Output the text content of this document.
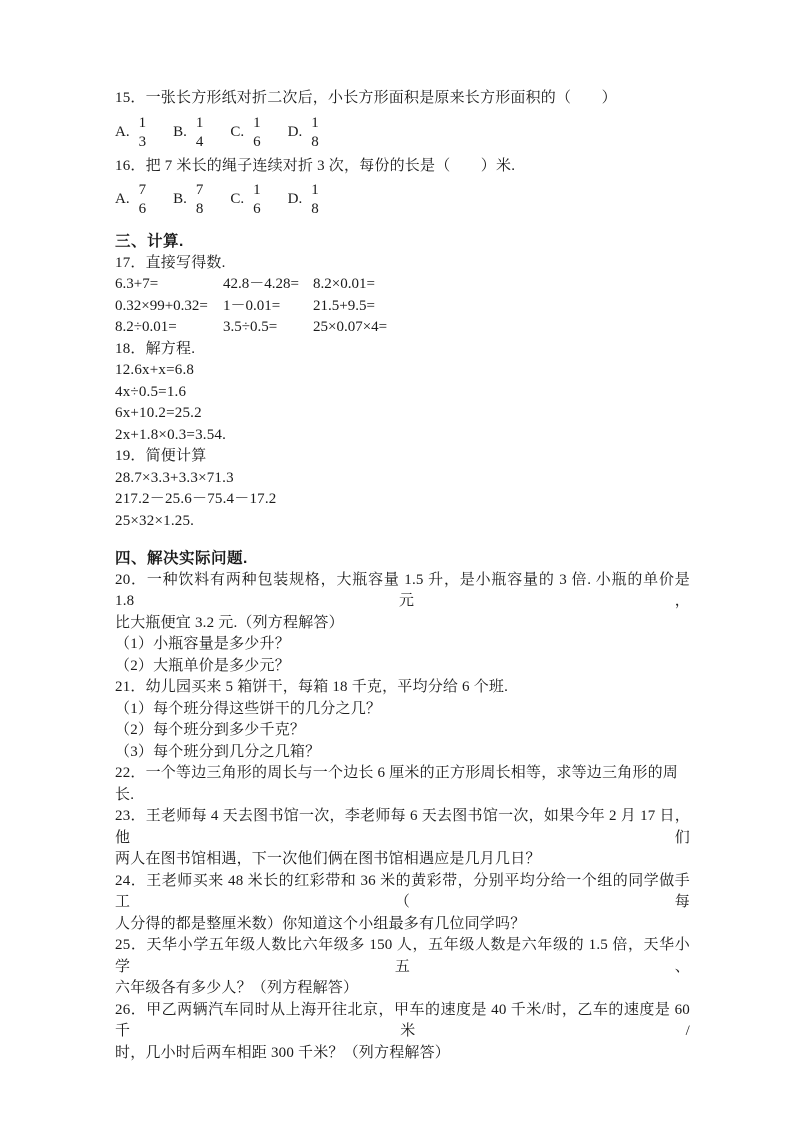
15．一张长方形纸对折二次后，小长方形面积是原来长方形面积的（　　）
A.
1
3
B.
1
4
C.
1
6
D.
1
8
16．把 7 米长的绳子连续对折 3 次，每份的长是（　　）米.
A.
7
6
B.
7
8
C.
1
6
D.
1
8
三、计算.
17．直接写得数.
6.3+7=	42.8－4.28= 8.2×0.01=
0.32×99+0.32=	1－0.01=	21.5+9.5=
8.2÷0.01=	3.5÷0.5=	25×0.07×4=
18．解方程.
12.6x+x=6.8
4x÷0.5=1.6
6x+10.2=25.2
2x+1.8×0.3=3.54.
19．简便计算
28.7×3.3+3.3×71.3
217.2－25.6－75.4－17.2
25×32×1.25.
四、解决实际问题.
20．一种饮料有两种包装规格，大瓶容量 1.5 升，是小瓶容量的 3 倍. 小瓶的单价是 1.8 元，
比大瓶便宜 3.2 元.（列方程解答）
（1）小瓶容量是多少升？
（2）大瓶单价是多少元？
21．幼儿园买来 5 箱饼干，每箱 18 千克，平均分给 6 个班.
（1）每个班分得这些饼干的几分之几？
（2）每个班分到多少千克？
（3）每个班分到几分之几箱？
22．一个等边三角形的周长与一个边长 6 厘米的正方形周长相等，求等边三角形的周长.
23．王老师每 4 天去图书馆一次，李老师每 6 天去图书馆一次，如果今年 2 月 17 日，他们
两人在图书馆相遇，下一次他们俩在图书馆相遇应是几月几日？
24．王老师买来 48 米长的红彩带和 36 米的黄彩带，分别平均分给一个组的同学做手工（每
人分得的都是整厘米数）你知道这个小组最多有几位同学吗？
25．天华小学五年级人数比六年级多 150 人，五年级人数是六年级的 1.5 倍，天华小学五、
六年级各有多少人？（列方程解答）
26．甲乙两辆汽车同时从上海开往北京，甲车的速度是 40 千米/时，乙车的速度是 60 千米/
时，几小时后两车相距 300 千米？（列方程解答）
